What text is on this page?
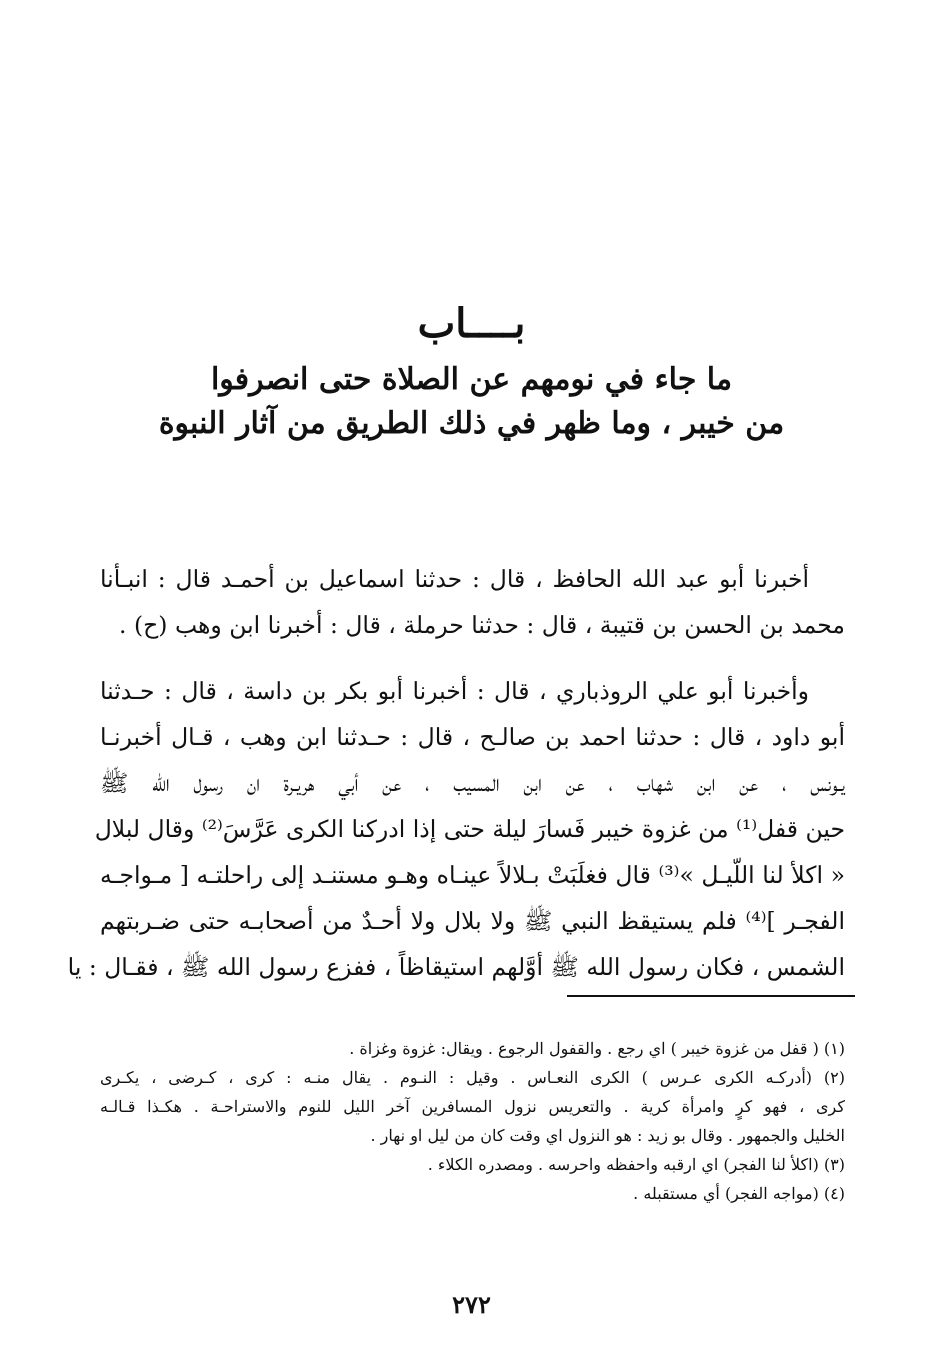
بــــاب
ما جاء في نومهم عن الصلاة حتى انصرفوا
من خيبر ، وما ظهر في ذلك الطريق من آثار النبوة
أخبرنا أبو عبد الله الحافظ ، قال : حدثنا اسماعيل بن أحمـد قال : انبـأنا
محمد بن الحسن بن قتيبة ، قال : حدثنا حرملة ، قال : أخبرنا ابن وهب (ح) .
وأخبرنا أبو علي الروذباري ، قال : أخبرنا أبو بكر بن داسة ، قال : حـدثنا
أبو داود ، قال : حدثنا احمد بن صالـح ، قال : حـدثنا ابن وهب ، قـال أخبرنـا
يـونس ، عن ابن شهاب ، عن ابن المسيب ، عن أبي هريـرة ان رسول الله ﷺ
حين قفل⁽¹⁾ من غزوة خيبر فَسارَ ليلة حتى إذا ادركنا الكرى عَرَّسَ⁽²⁾ وقال لبلال
« اكلأ لنا اللّيـل »⁽³⁾ قال فغلَبَتْ بـلالاً عينـاه وهـو مستنـد إلى راحلتـه [ مـواجـه
الفجـر ]⁽⁴⁾ فلم يستيقظ النبي ﷺ ولا بلال ولا أحـدٌ من أصحابـه حتى ضـربتهم
الشمس ، فكان رسول الله ﷺ أوَّلهم استيقاظاً ، ففزع رسول الله ﷺ ، فقـال : يا
(١) ( قفل من غزوة خيبر ) اي رجع . والقفول الرجوع . ويقال: غزوة وغزاة .
(٢) (أدركـه الكرى عـرس ) الكرى النعـاس . وقيل : النـوم . يقال منـه : كرى ، كـرضى ، يكـرى
كرى ، فهو كرٍ وامرأة كرية . والتعريس نزول المسافرين آخر الليل للنوم والاستراحـة . هكـذا قـالـه
الخليل والجمهور . وقال بو زيد : هو النزول اي وقت كان من ليل او نهار .
(٣) (اكلأ لنا الفجر) اي ارقبه واحفظه واحرسه . ومصدره الكلاء .
(٤) (مواجه الفجر) أي مستقبله .
٢٧٢
